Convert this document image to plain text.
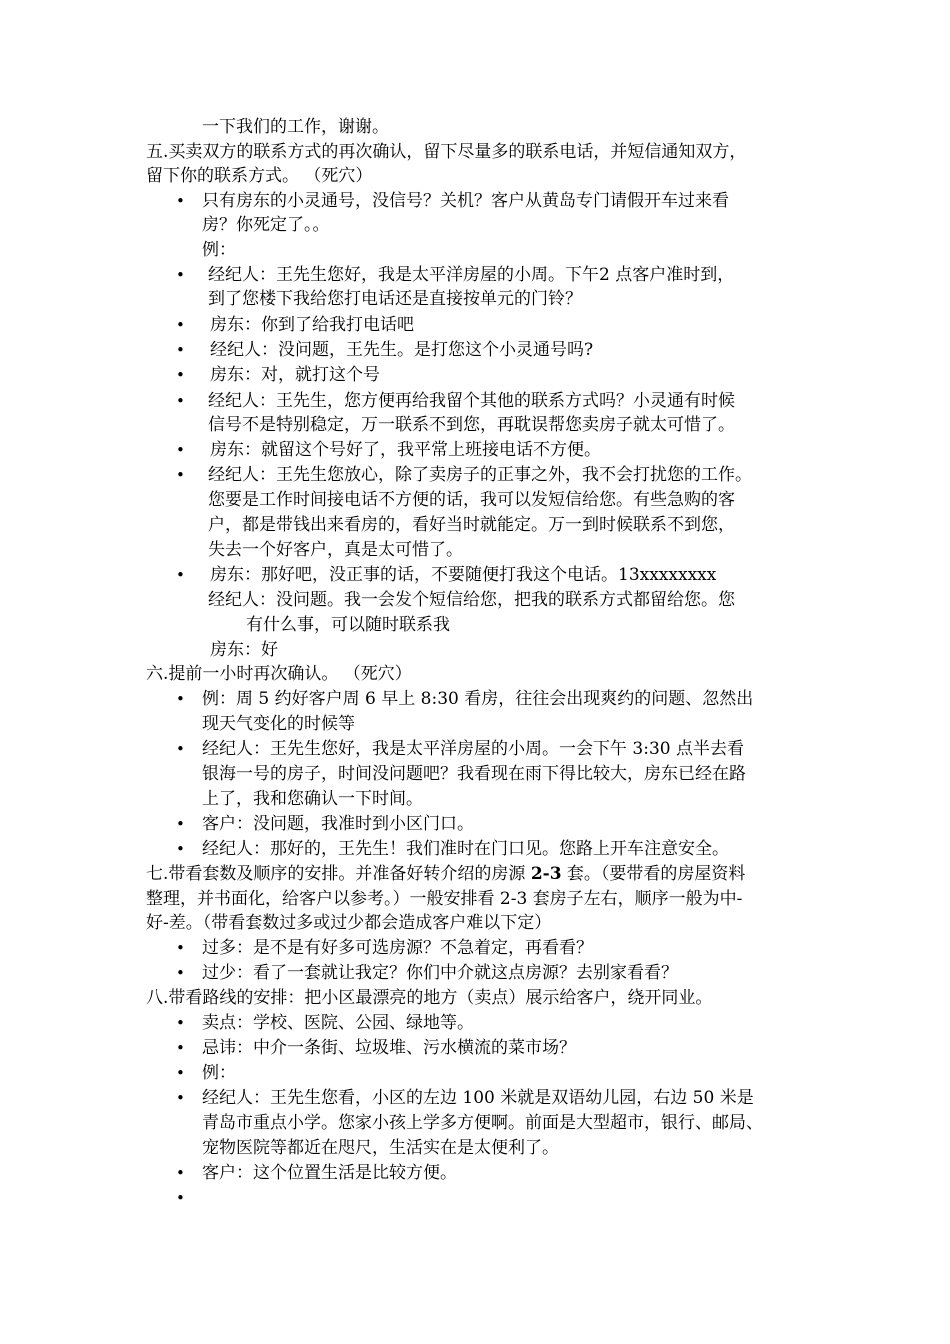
一下我们的工作，谢谢。
五.买卖双方的联系方式的再次确认，留下尽量多的联系电话，并短信通知双方，
留下你的联系方式。 （死穴）
• 只有房东的小灵通号，没信号？关机？客户从黄岛专门请假开车过来看
房？你死定了。。
例：
• 经纪人：王先生您好，我是太平洋房屋的小周。下午2 点客户准时到，
到了您楼下我给您打电话还是直接按单元的门铃？
• 房东：你到了给我打电话吧
• 经纪人：没问题，王先生。是打您这个小灵通号吗?
• 房东：对，就打这个号
• 经纪人：王先生，您方便再给我留个其他的联系方式吗？小灵通有时候
信号不是特别稳定，万一联系不到您，再耽误帮您卖房子就太可惜了。
• 房东：就留这个号好了，我平常上班接电话不方便。
• 经纪人：王先生您放心，除了卖房子的正事之外，我不会打扰您的工作。
您要是工作时间接电话不方便的话，我可以发短信给您。有些急购的客
户，都是带钱出来看房的，看好当时就能定。万一到时候联系不到您，
失去一个好客户，真是太可惜了。
• 房东：那好吧，没正事的话，不要随便打我这个电话。13xxxxxxxx
经纪人：没问题。我一会发个短信给您，把我的联系方式都留给您。您
有什么事，可以随时联系我
房东：好
六.提前一小时再次确认。 （死穴）
• 例：周 5 约好客户周 6 早上 8:30 看房，往往会出现爽约的问题、忽然出
现天气变化的时候等
• 经纪人：王先生您好，我是太平洋房屋的小周。一会下午 3:30 点半去看
银海一号的房子，时间没问题吧？我看现在雨下得比较大，房东已经在路
上了，我和您确认一下时间。
• 客户：没问题，我准时到小区门口。
• 经纪人：那好的，王先生！我们准时在门口见。您路上开车注意安全。
七.带看套数及顺序的安排。并准备好转介绍的房源 2-3 套。（要带看的房屋资料
整理，并书面化，给客户以参考。）一般安排看 2-3 套房子左右，顺序一般为中-
好-差。（带看套数过多或过少都会造成客户难以下定）
• 过多：是不是有好多可选房源？不急着定，再看看？
• 过少：看了一套就让我定？你们中介就这点房源？去别家看看？
八.带看路线的安排：把小区最漂亮的地方（卖点）展示给客户，绕开同业。
• 卖点：学校、医院、公园、绿地等。
• 忌讳：中介一条街、垃圾堆、污水横流的菜市场？
• 例：
• 经纪人：王先生您看，小区的左边 100 米就是双语幼儿园，右边 50 米是
青岛市重点小学。您家小孩上学多方便啊。前面是大型超市，银行、邮局、
宠物医院等都近在咫尺，生活实在是太便利了。
• 客户：这个位置生活是比较方便。
•
